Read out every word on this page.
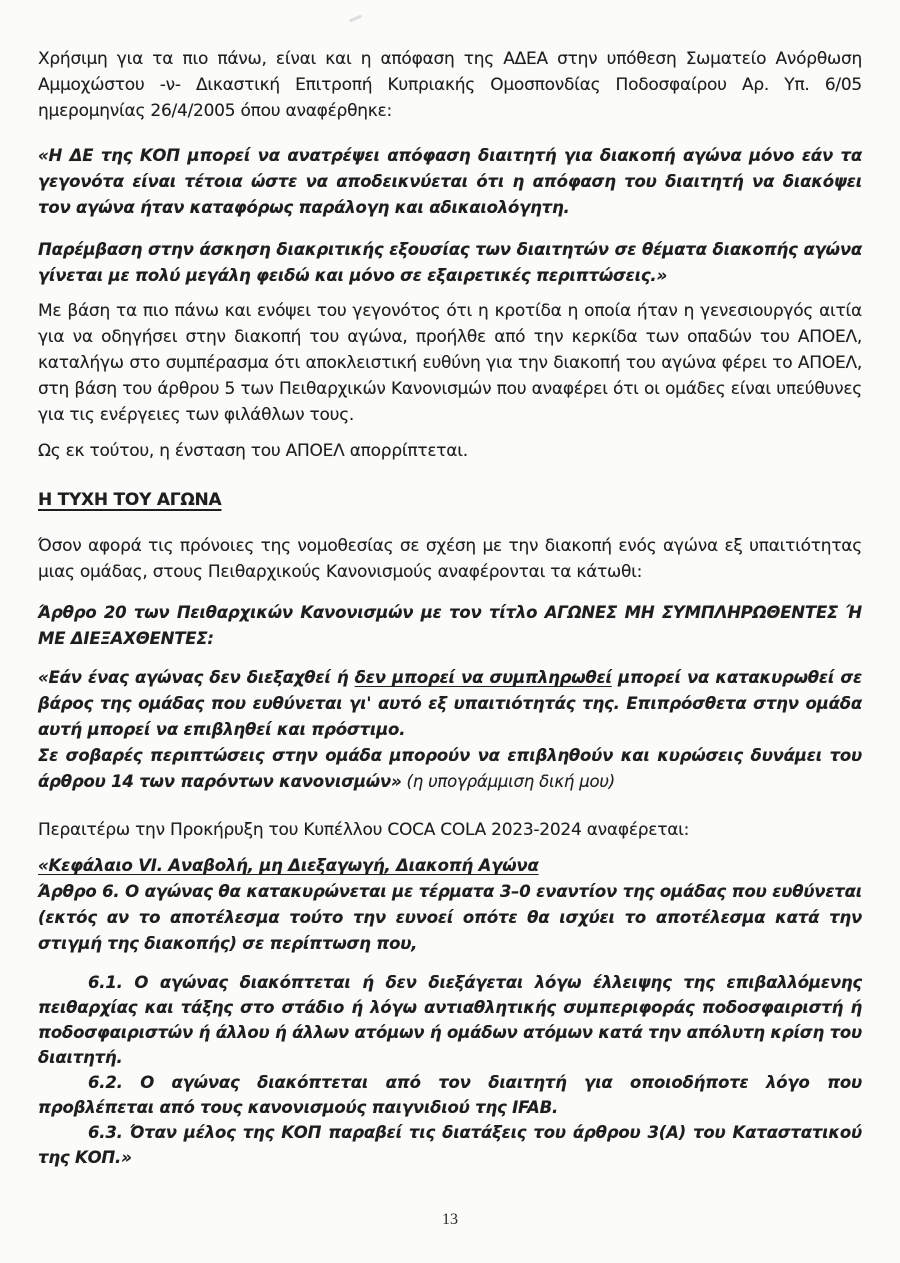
Χρήσιμη για τα πιο πάνω, είναι και η απόφαση της ΑΔΕΑ στην υπόθεση Σωματείο Ανόρθωση Αμμοχώστου -ν- Δικαστική Επιτροπή Κυπριακής Ομοσπονδίας Ποδοσφαίρου Αρ. Υπ. 6/05 ημερομηνίας 26/4/2005 όπου αναφέρθηκε:

«Η ΔΕ της ΚΟΠ μπορεί να ανατρέψει απόφαση διαιτητή για διακοπή αγώνα μόνο εάν τα γεγονότα είναι τέτοια ώστε να αποδεικνύεται ότι η απόφαση του διαιτητή να διακόψει τον αγώνα ήταν καταφόρως παράλογη και αδικαιολόγητη.

Παρέμβαση στην άσκηση διακριτικής εξουσίας των διαιτητών σε θέματα διακοπής αγώνα γίνεται με πολύ μεγάλη φειδώ και μόνο σε εξαιρετικές περιπτώσεις.»

Με βάση τα πιο πάνω και ενόψει του γεγονότος ότι η κροτίδα η οποία ήταν η γενεσιουργός αιτία για να οδηγήσει στην διακοπή του αγώνα, προήλθε από την κερκίδα των οπαδών του ΑΠΟΕΛ, καταλήγω στο συμπέρασμα ότι αποκλειστική ευθύνη για την διακοπή του αγώνα φέρει το ΑΠΟΕΛ, στη βάση του άρθρου 5 των Πειθαρχικών Κανονισμών που αναφέρει ότι οι ομάδες είναι υπεύθυνες για τις ενέργειες των φιλάθλων τους.

Ως εκ τούτου, η ένσταση του ΑΠΟΕΛ απορρίπτεται.

Η ΤΥΧΗ ΤΟΥ ΑΓΩΝΑ

Όσον αφορά τις πρόνοιες της νομοθεσίας σε σχέση με την διακοπή ενός αγώνα εξ υπαιτιότητας μιας ομάδας, στους Πειθαρχικούς Κανονισμούς αναφέρονται τα κάτωθι:

Άρθρο 20 των Πειθαρχικών Κανονισμών με τον τίτλο ΑΓΩΝΕΣ ΜΗ ΣΥΜΠΛΗΡΩΘΕΝΤΕΣ Ή ΜΕ ΔΙΕΞΑΧΘΕΝΤΕΣ:

«Εάν ένας αγώνας δεν διεξαχθεί ή δεν μπορεί να συμπληρωθεί μπορεί να κατακυρωθεί σε βάρος της ομάδας που ευθύνεται γι' αυτό εξ υπαιτιότητάς της. Επιπρόσθετα στην ομάδα αυτή μπορεί να επιβληθεί και πρόστιμο.
Σε σοβαρές περιπτώσεις στην ομάδα μπορούν να επιβληθούν και κυρώσεις δυνάμει του άρθρου 14 των παρόντων κανονισμών» (η υπογράμμιση δική μου)

Περαιτέρω την Προκήρυξη του Κυπέλλου COCA COLA 2023-2024 αναφέρεται:

«Κεφάλαιο VI. Αναβολή, μη Διεξαγωγή, Διακοπή Αγώνα
Άρθρο 6. Ο αγώνας θα κατακυρώνεται με τέρματα 3–0 εναντίον της ομάδας που ευθύνεται (εκτός αν το αποτέλεσμα τούτο την ευνοεί οπότε θα ισχύει το αποτέλεσμα κατά την στιγμή της διακοπής) σε περίπτωση που,
6.1. Ο αγώνας διακόπτεται ή δεν διεξάγεται λόγω έλλειψης της επιβαλλόμενης πειθαρχίας και τάξης στο στάδιο ή λόγω αντιαθλητικής συμπεριφοράς ποδοσφαιριστή ή ποδοσφαιριστών ή άλλου ή άλλων ατόμων ή ομάδων ατόμων κατά την απόλυτη κρίση του διαιτητή.
6.2. Ο αγώνας διακόπτεται από τον διαιτητή για οποιοδήποτε λόγο που προβλέπεται από τους κανονισμούς παιγνιδιού της IFAB.
6.3. Όταν μέλος της ΚΟΠ παραβεί τις διατάξεις του άρθρου 3(Α) του Καταστατικού της ΚΟΠ.»
13
